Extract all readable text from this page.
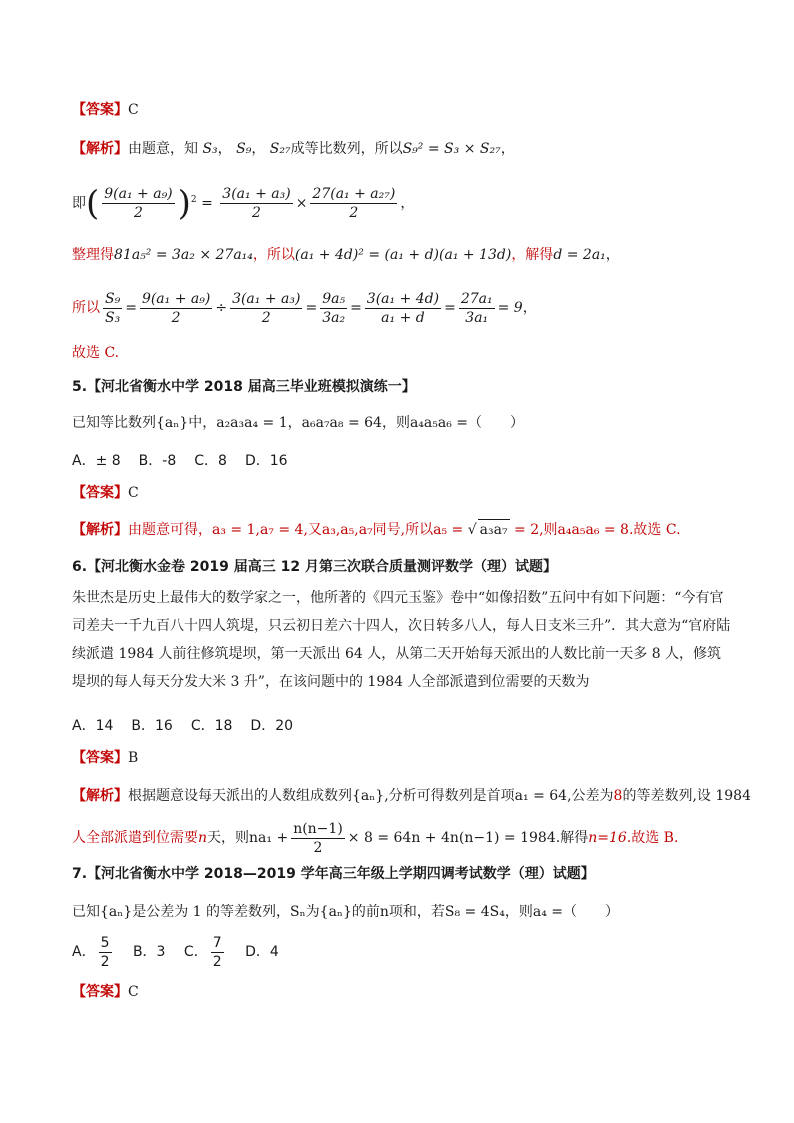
【答案】C
【解析】由题意，知 S₃， S₉， S₂₇成等比数列，所以S₉² = S₃ × S₂₇，
即( $\frac{\text{9(a₁ + a₉)}}{2} )^2 = \frac{\text{3(a₁ + a₃)}}{2} \times \frac{\text{27(a₁ + a₂₇)}}{2}$ ，
整理得81a₅² = 3a₂ × 27a₁₄，所以(a₁ + 4d)² = (a₁ + d)(a₁ + 13d)，解得d = 2a₁，
所以 $\frac{\text{S₉}}{\text{S₃}} = \frac{\text{9(a₁ + a₉)}}{2} \div \frac{\text{3(a₁ + a₃)}}{2} = \frac{\text{9a₅}}{\text{3a₂}} = \frac{\text{3(a₁ + 4d)}}{\text{a₁ + d}} = \frac{\text{27a₁}}{\text{3a₁}} = 9$，
故选 C.
5.【河北省衡水中学 2018 届高三毕业班模拟演练一】
已知等比数列{aₙ}中，a₂a₃a₄ = 1，a₆a₇a₈ = 64，则a₄a₅a₆ =（　　）
A．± 8 B．-8 C．8 D．16
【答案】C
【解析】由题意可得，a₃ = 1,a₇ = 4,又a₃,a₅,a₇同号,所以a₅ = √ a₃a₇ = 2,则a₄a₅a₆ = 8.故选 C.
6.【河北衡水金卷 2019 届高三 12 月第三次联合质量测评数学（理）试题】
朱世杰是历史上最伟大的数学家之一，他所著的《四元玉鉴》卷中“如像招数”五问中有如下问题：“今有官司差夫一千九百八十四人筑堤，只云初日差六十四人，次日转多八人，每人日支米三升”．其大意为“官府陆续派遣 1984 人前往修筑堤坝，第一天派出 64 人，从第二天开始每天派出的人数比前一天多 8 人，修筑堤坝的每人每天分发大米 3 升”，在该问题中的 1984 人全部派遣到位需要的天数为
A．14 B．16 C．18 D．20
【答案】B
【解析】根据题意设每天派出的人数组成数列{aₙ},分析可得数列是首项a₁ = 64,公差为8的等差数列,设 1984
人全部派遣到位需要n天，则$na_1 + \frac{n(n-1)}{2} \times 8 = 64n + 4n(n-1) = 1984$.解得n=16.故选 B.
7.【河北省衡水中学 2018—2019 学年高三年级上学期四调考试数学（理）试题】
已知{aₙ}是公差为 1 的等差数列，Sₙ为{aₙ}的前n项和，若S₈ = 4S₄，则a₄ =（　　）
A． $\frac{5}{2}$ B．3 C． $\frac{7}{2}$ D．4
【答案】C
